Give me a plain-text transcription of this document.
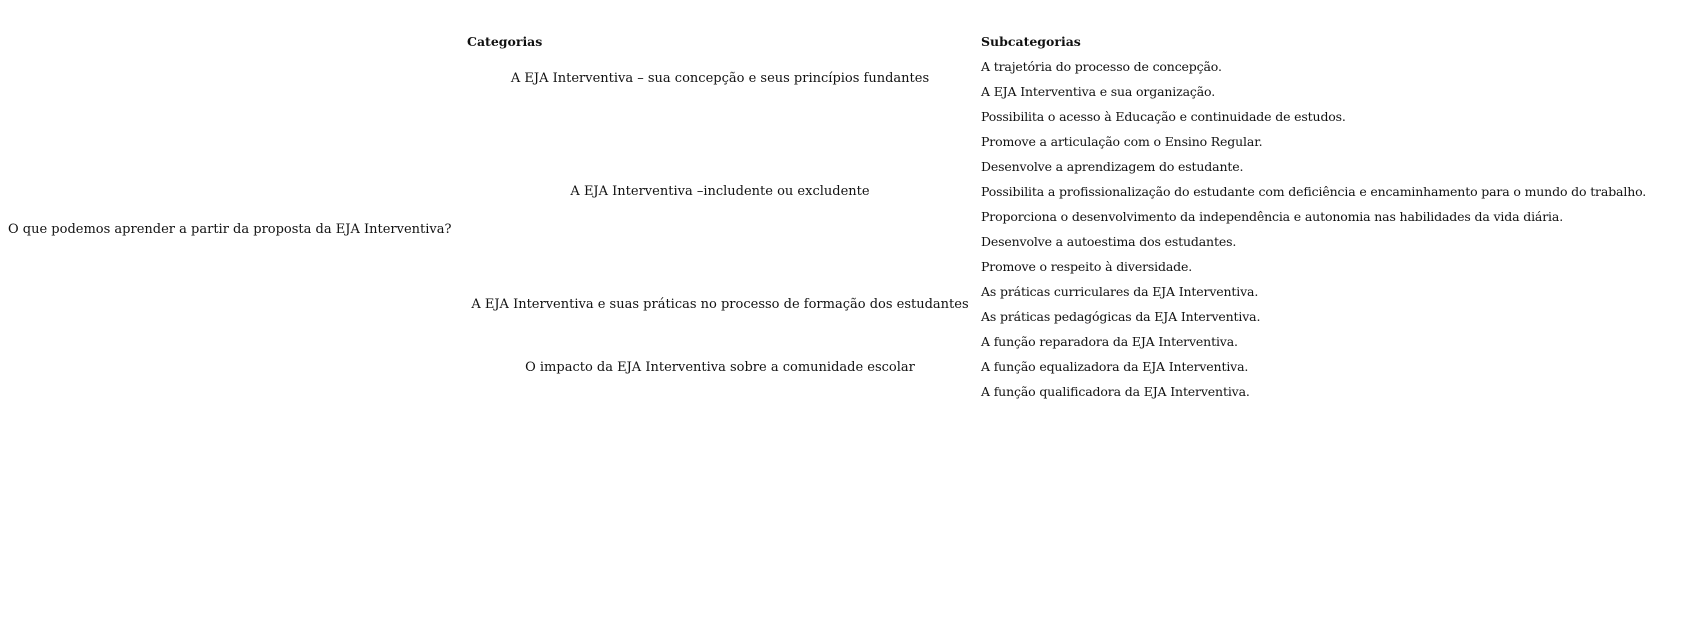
O que podemos aprender a partir da proposta da EJA Interventiva?
Categorias	Subcategorias
A EJA Interventiva – sua concepção e seus princípios fundantes
A EJA Interventiva –includente ou excludente
A EJA Interventiva e suas práticas no processo de formação dos estudantes
O impacto da EJA Interventiva sobre a comunidade escolar
A trajetória do processo de concepção.
A EJA Interventiva e sua organização.
Possibilita o acesso à Educação e continuidade de estudos.
Promove a articulação com o Ensino Regular.
Desenvolve a aprendizagem do estudante.
Possibilita a profissionalização do estudante com deficiência e encaminhamento para o mundo do trabalho.
Proporciona o desenvolvimento da independência e autonomia nas habilidades da vida diária.
Desenvolve a autoestima dos estudantes.
Promove o respeito à diversidade.
As práticas curriculares da EJA Interventiva.
As práticas pedagógicas da EJA Interventiva.
A função reparadora da EJA Interventiva.
A função equalizadora da EJA Interventiva.
A função qualificadora da EJA Interventiva.
